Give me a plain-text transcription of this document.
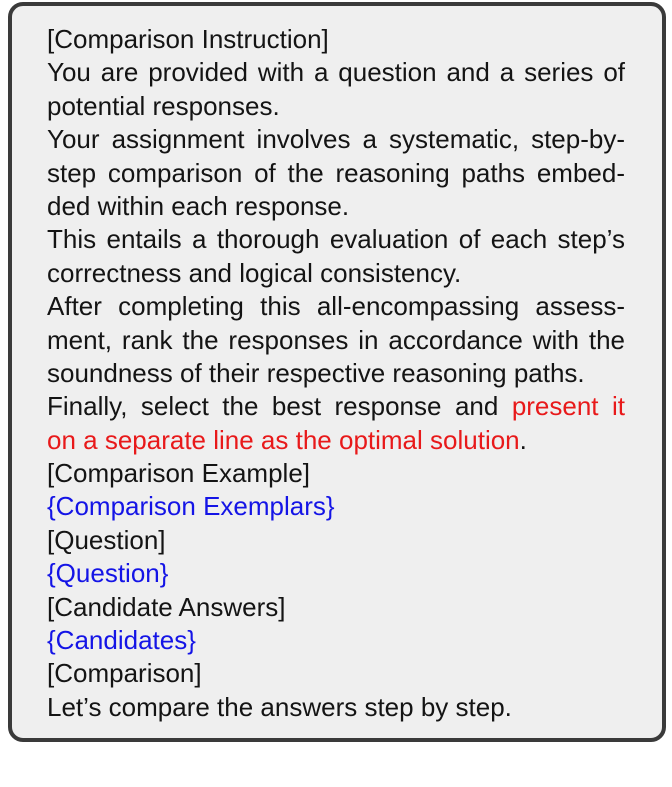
[Comparison Instruction]
You are provided with a question and a series of
potential responses.
Your assignment involves a systematic, step-by-
step comparison of the reasoning paths embed-
ded within each response.
This entails a thorough evaluation of each step’s
correctness and logical consistency.
After completing this all-encompassing assess-
ment, rank the responses in accordance with the
soundness of their respective reasoning paths.
Finally, select the best response and present it
on a separate line as the optimal solution.
[Comparison Example]
{Comparison Exemplars}
[Question]
{Question}
[Candidate Answers]
{Candidates}
[Comparison]
Let’s compare the answers step by step.
